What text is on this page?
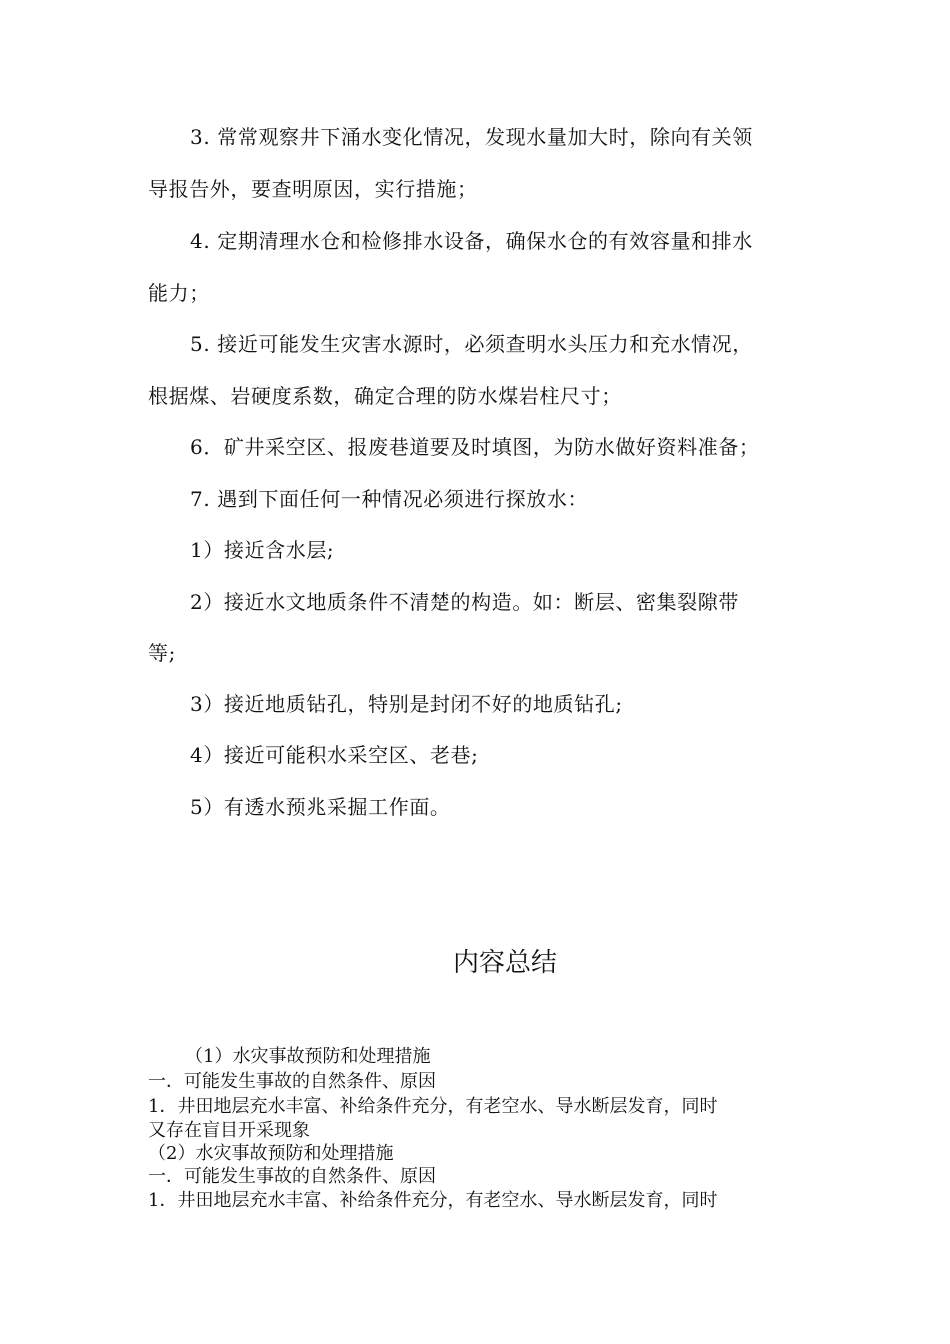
3. 常常观察井下涌水变化情况，发现水量加大时，除向有关领
导报告外，要查明原因，实行措施；
4. 定期清理水仓和检修排水设备，确保水仓的有效容量和排水
能力；
5. 接近可能发生灾害水源时，必须查明水头压力和充水情况，
根据煤、岩硬度系数，确定合理的防水煤岩柱尺寸；
6．矿井采空区、报废巷道要及时填图，为防水做好资料准备；
7. 遇到下面任何一种情况必须进行探放水：
1）接近含水层;
2）接近水文地质条件不清楚的构造。如：断层、密集裂隙带
等;
3）接近地质钻孔，特别是封闭不好的地质钻孔;
4）接近可能积水采空区、老巷;
5）有透水预兆采掘工作面。
内容总结
（1）水灾事故预防和处理措施
一．可能发生事故的自然条件、原因
1．井田地层充水丰富、补给条件充分，有老空水、导水断层发育，同时
又存在盲目开采现象
（2）水灾事故预防和处理措施
一．可能发生事故的自然条件、原因
1．井田地层充水丰富、补给条件充分，有老空水、导水断层发育，同时
